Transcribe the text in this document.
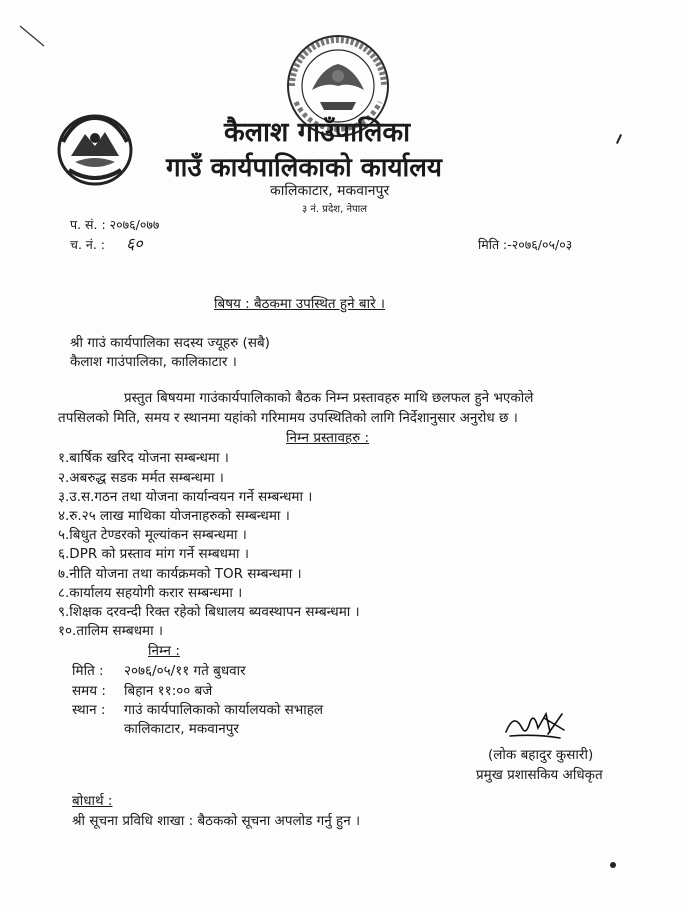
कैलाश गाउँपालिका
गाउँ कार्यपालिकाको कार्यालय
कालिकाटार, मकवानपुर
३ नं. प्रदेश, नेपाल
प. सं. : २०७६/०७७
च. नं. : ६०	मिति :-२०७६/०५/०३
बिषय : बैठकमा उपस्थित हुने बारे ।
श्री गाउं कार्यपालिका सदस्य ज्यूहरु (सबै)
कैलाश गाउंपालिका, कालिकाटार ।
प्रस्तुत बिषयमा गाउंकार्यपालिकाको बैठक निम्न प्रस्तावहरु माथि छलफल हुने भएकोले
तपसिलको मिति, समय र स्थानमा यहांको गरिमामय उपस्थितिको लागि निर्देशानुसार अनुरोध छ ।
निम्न प्रस्तावहरु :
१.बार्षिक खरिद योजना सम्बन्धमा ।
२.अबरुद्ध सडक मर्मत सम्बन्धमा ।
३.उ.स.गठन तथा योजना कार्यान्वयन गर्ने सम्बन्धमा ।
४.रु.२५ लाख माथिका योजनाहरुको सम्बन्धमा ।
५.बिधुत टेण्डरको मूल्यांकन सम्बन्धमा ।
६.DPR को प्रस्ताव मांग गर्ने सम्बधमा ।
७.नीति योजना तथा कार्यक्रमको TOR सम्बन्धमा ।
८.कार्यालय सहयोगी करार सम्बन्धमा ।
९.शिक्षक दरवन्दी रिक्त रहेको बिधालय ब्यवस्थापन सम्बन्धमा ।
१०.तालिम सम्बधमा ।
निम्न :
मिति : २०७६/०५/११ गते बुधवार
समय : बिहान ११:०० बजे
स्थान : गाउं कार्यपालिकाको कार्यालयको सभाहल
कालिकाटार, मकवानपुर
(लोक बहादुर कुसारी)
प्रमुख प्रशासकिय अधिकृत
बोधार्थ :
श्री सूचना प्रविधि शाखा : बैठकको सूचना अपलोड गर्नु हुन ।
